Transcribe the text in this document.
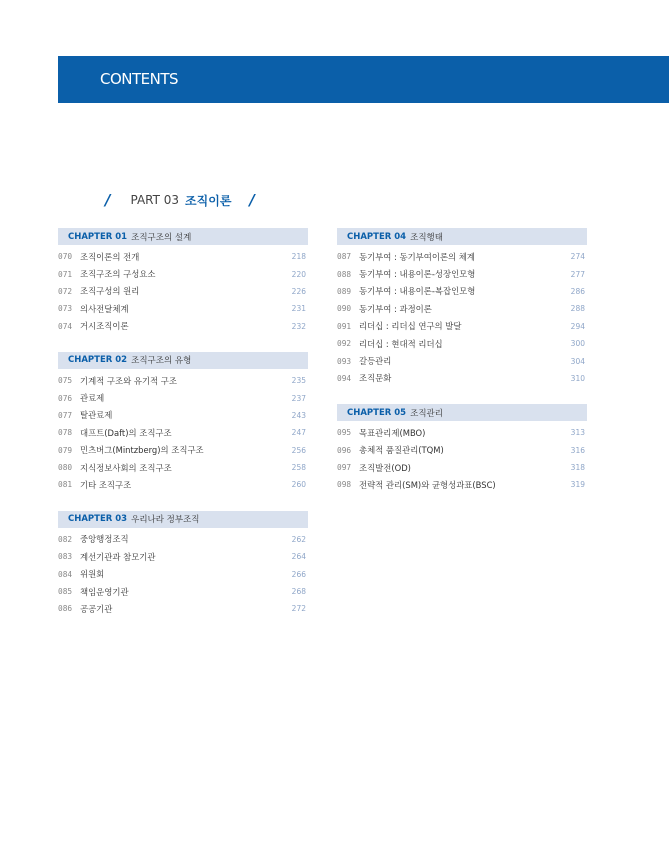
CONTENTS
/ PART 03 조직이론 /
CHAPTER 01 조직구조의 설계
070 조직이론의 전개	218
071 조직구조의 구성요소	220
072 조직구성의 원리	226
073 의사전달체계	231
074 거시조직이론	232
CHAPTER 02 조직구조의 유형
075 기계적 구조와 유기적 구조	235
076 관료제	237
077 탈관료제	243
078 대프트(Daft)의 조직구조	247
079 민츠버그(Mintzberg)의 조직구조	256
080 지식정보사회의 조직구조	258
081 기타 조직구조	260
CHAPTER 03 우리나라 정부조직
082 중앙행정조직	262
083 계선기관과 참모기관	264
084 위원회	266
085 책임운영기관	268
086 공공기관	272
CHAPTER 04 조직행태
087 동기부여 : 동기부여이론의 체계	274
088 동기부여 : 내용이론-성장인모형	277
089 동기부여 : 내용이론-복잡인모형	286
090 동기부여 : 과정이론	288
091 리더십 : 리더십 연구의 발달	294
092 리더십 : 현대적 리더십	300
093 갈등관리	304
094 조직문화	310
CHAPTER 05 조직관리
095 목표관리제(MBO)	313
096 총체적 품질관리(TQM)	316
097 조직발전(OD)	318
098 전략적 관리(SM)와 균형성과표(BSC)	319
